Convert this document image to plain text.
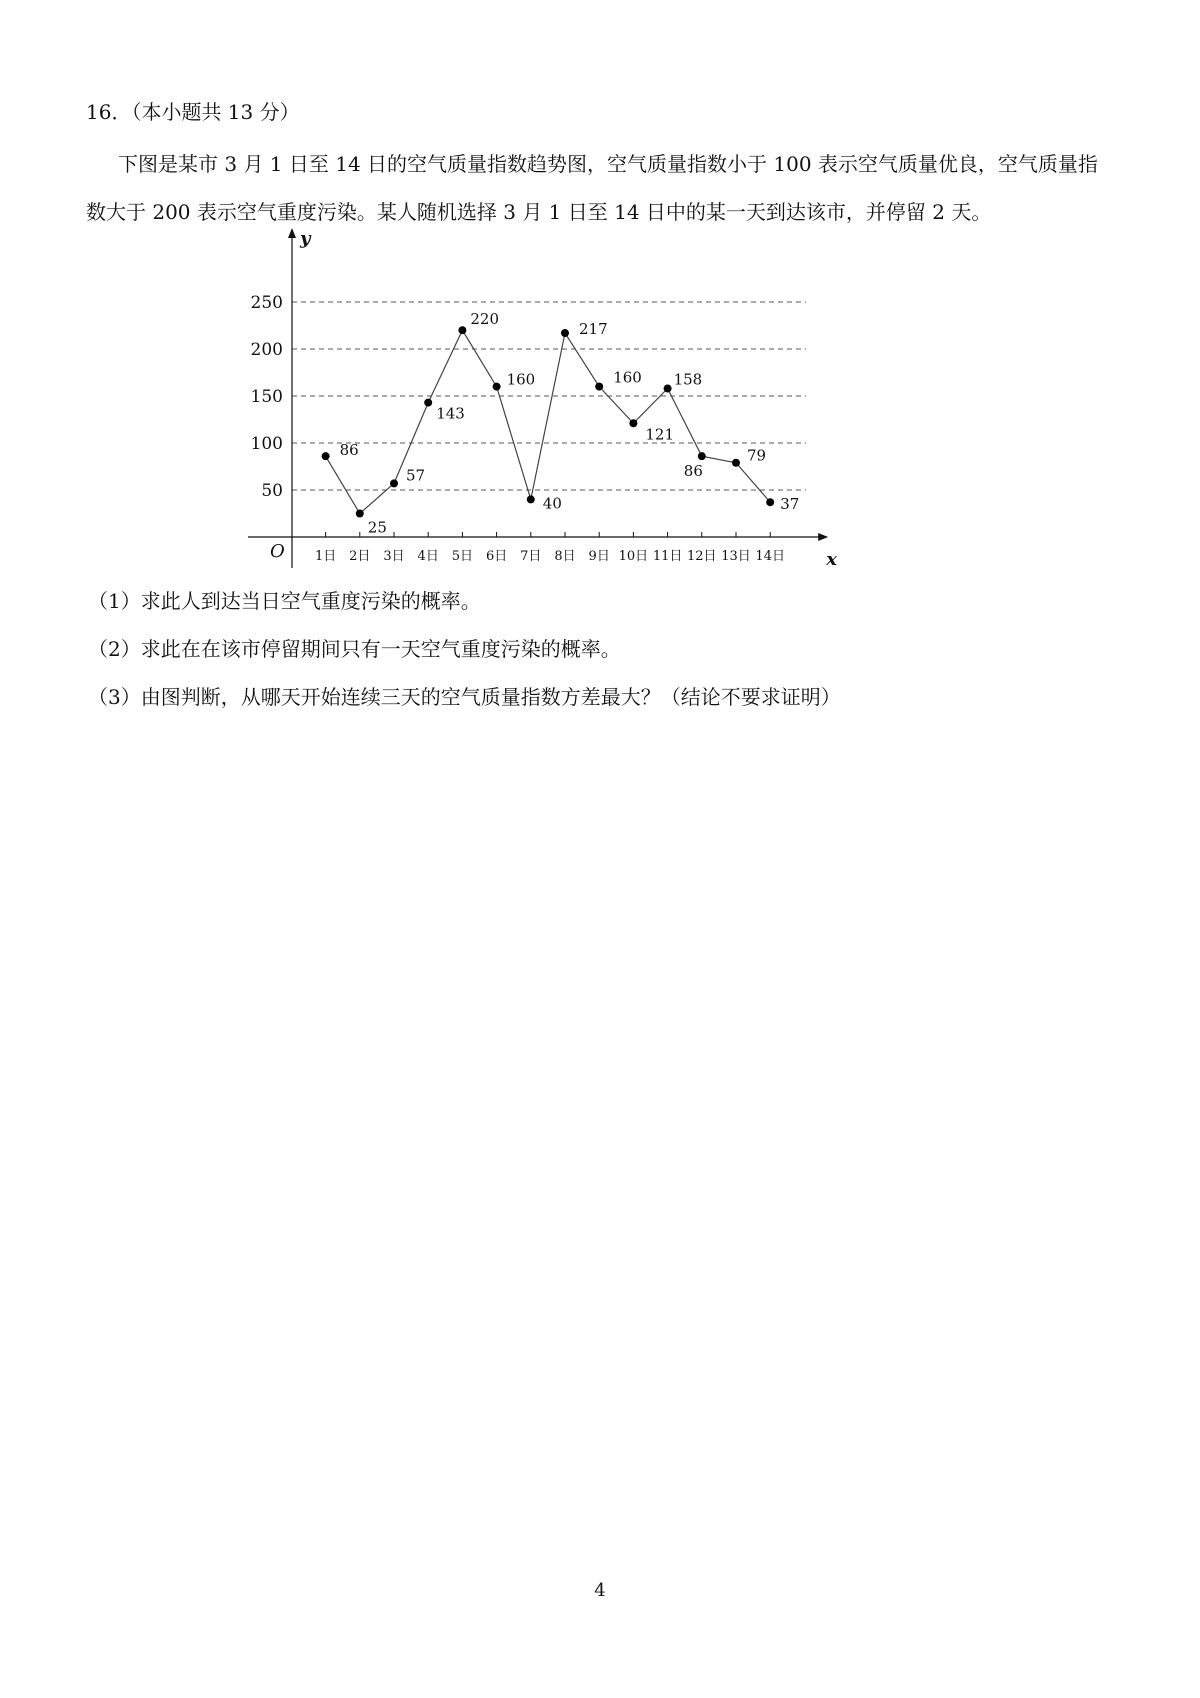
16．（本小题共 13 分）
下图是某市 3 月 1 日至 14 日的空气质量指数趋势图，空气质量指数小于 100 表示空气质量优良，空气质量指数大于 200 表示空气重度污染。某人随机选择 3 月 1 日至 14 日中的某一天到达该市，并停留 2 天。
50
100
150
200
250
x
y
O 1日 2日 3日 4日 5日 6日 7日 8日 9日 10日 11日 12日 13日 14日
86
25
57
143
220
160
40
217
160
121
158
86
79
37
（1）求此人到达当日空气重度污染的概率。
（2）求此在在该市停留期间只有一天空气重度污染的概率。
（3）由图判断，从哪天开始连续三天的空气质量指数方差最大？（结论不要求证明）
4
